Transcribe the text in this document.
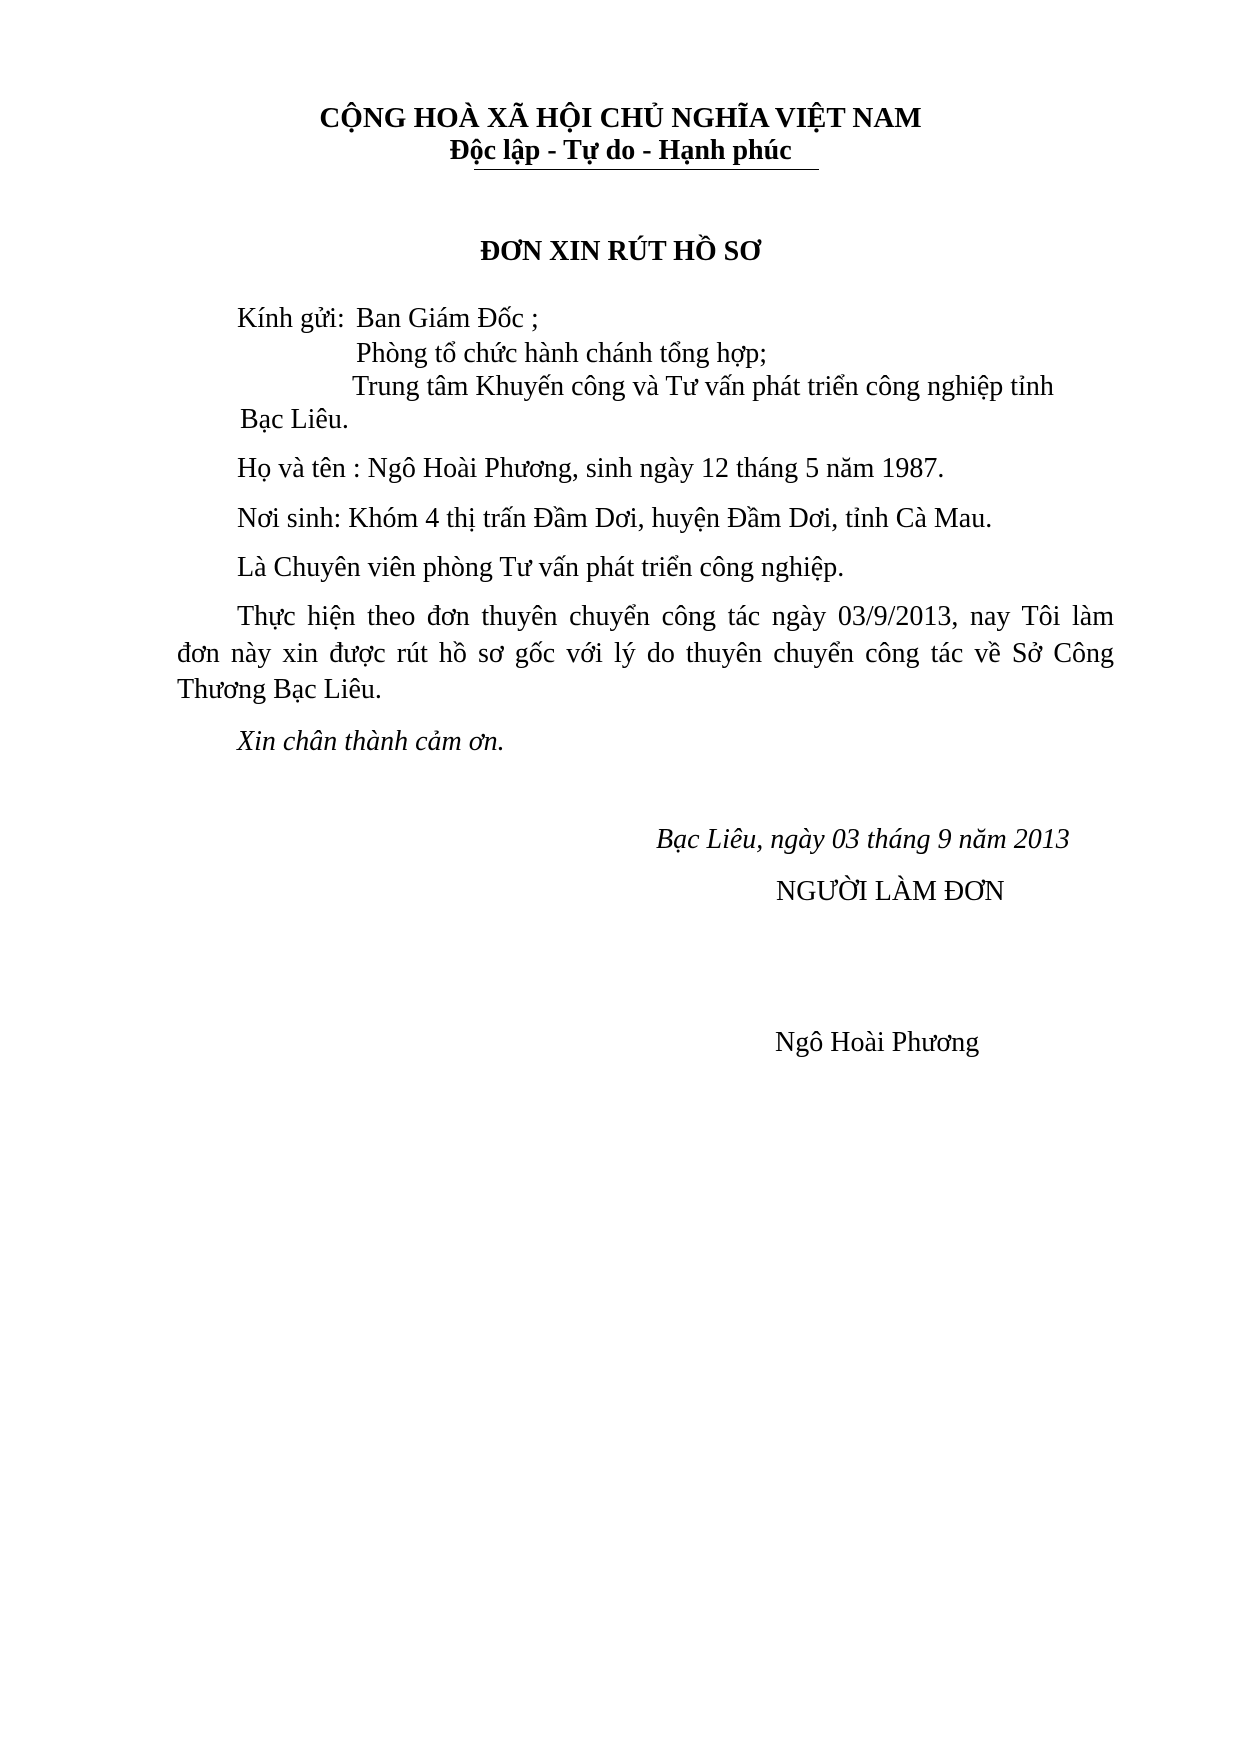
CỘNG HOÀ XÃ HỘI CHỦ NGHĨA VIỆT NAM
Độc lập - Tự do - Hạnh phúc
ĐƠN XIN RÚT HỒ SƠ
Kính gửi: Ban Giám Đốc ;
Phòng tổ chức hành chánh tổng hợp;
Trung tâm Khuyến công và Tư vấn phát triển công nghiệp tỉnh
Bạc Liêu.
Họ và tên : Ngô Hoài Phương, sinh ngày 12 tháng 5 năm 1987.
Nơi sinh: Khóm 4 thị trấn Đầm Dơi, huyện Đầm Dơi, tỉnh Cà Mau.
Là Chuyên viên phòng Tư vấn phát triển công nghiệp.
Thực hiện theo đơn thuyên chuyển công tác ngày 03/9/2013, nay Tôi làm
đơn này xin được rút hồ sơ gốc với lý do thuyên chuyển công tác về Sở Công
Thương Bạc Liêu.
Xin chân thành cảm ơn.
Bạc Liêu, ngày 03 tháng 9 năm 2013
NGƯỜI LÀM ĐƠN
Ngô Hoài Phương
